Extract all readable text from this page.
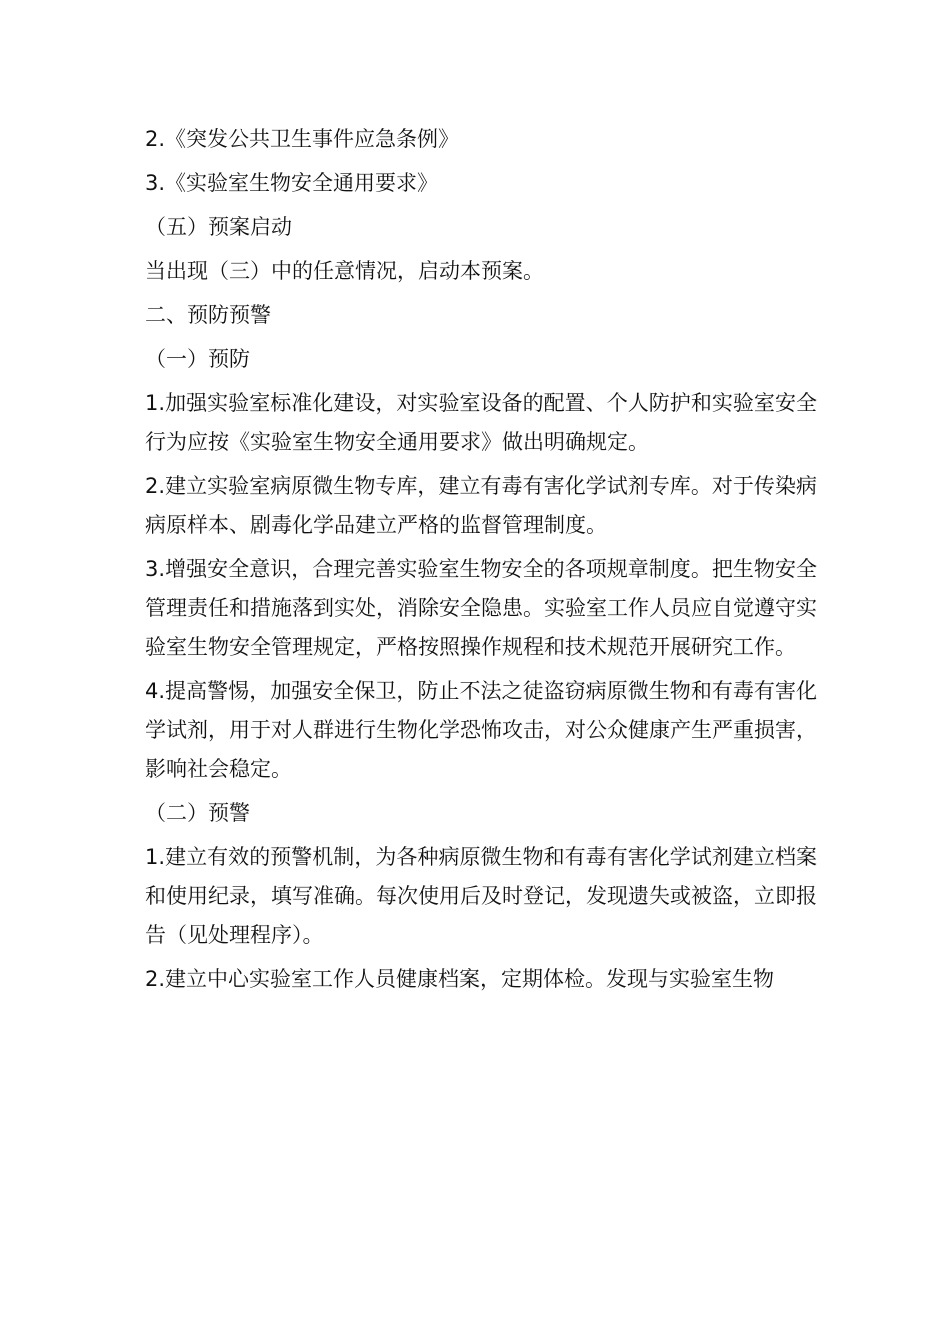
2.《突发公共卫生事件应急条例》

3.《实验室生物安全通用要求》

（五）预案启动

当出现（三）中的任意情况，启动本预案。

二、预防预警

（一）预防

1.加强实验室标准化建设，对实验室设备的配置、个人防护和实验室安全行为应按《实验室生物安全通用要求》做出明确规定。

2.建立实验室病原微生物专库，建立有毒有害化学试剂专库。对于传染病病原样本、剧毒化学品建立严格的监督管理制度。

3.增强安全意识，合理完善实验室生物安全的各项规章制度。把生物安全管理责任和措施落到实处，消除安全隐患。实验室工作人员应自觉遵守实验室生物安全管理规定，严格按照操作规程和技术规范开展研究工作。

4.提高警惕，加强安全保卫，防止不法之徒盗窃病原微生物和有毒有害化学试剂，用于对人群进行生物化学恐怖攻击，对公众健康产生严重损害，影响社会稳定。

（二）预警

1.建立有效的预警机制，为各种病原微生物和有毒有害化学试剂建立档案和使用纪录，填写准确。每次使用后及时登记，发现遗失或被盗，立即报告（见处理程序）。

2.建立中心实验室工作人员健康档案，定期体检。发现与实验室生物
